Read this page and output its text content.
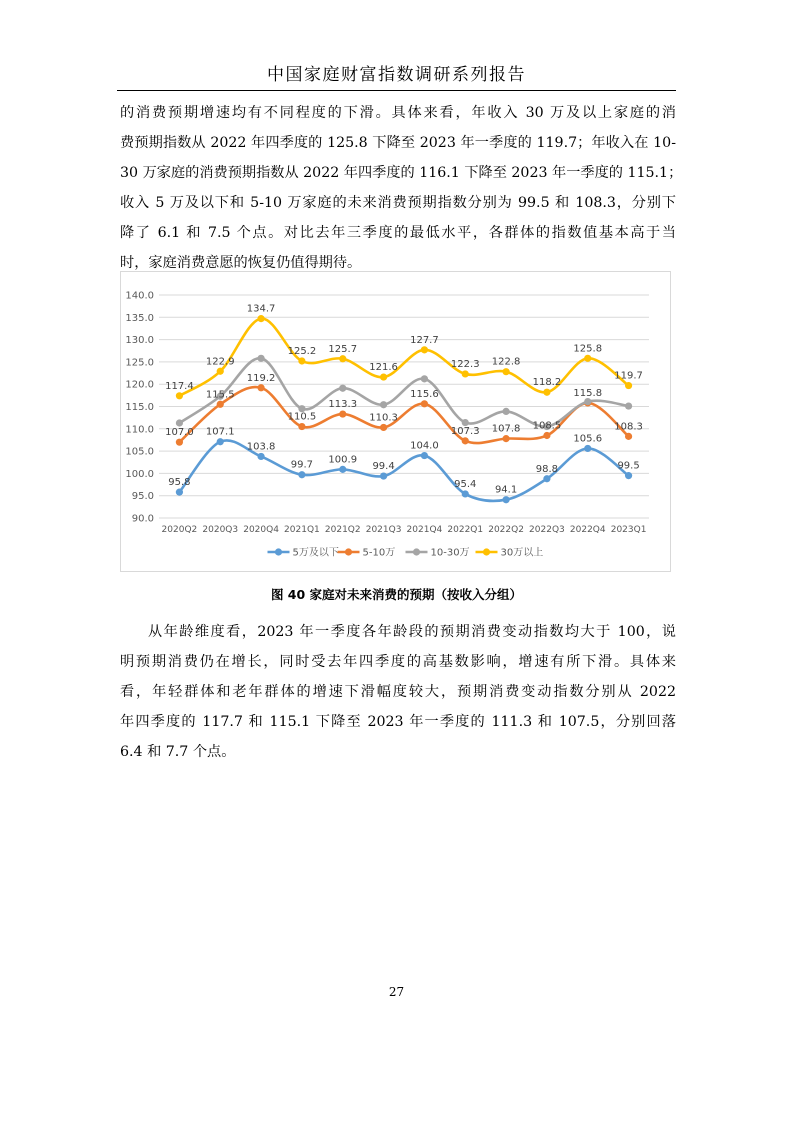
中国家庭财富指数调研系列报告
的消费预期增速均有不同程度的下滑。具体来看，年收入 30 万及以上家庭的消
费预期指数从 2022 年四季度的 125.8 下降至 2023 年一季度的 119.7；年收入在 10-
30 万家庭的消费预期指数从 2022 年四季度的 116.1 下降至 2023 年一季度的 115.1；
收入 5 万及以下和 5-10 万家庭的未来消费预期指数分别为 99.5 和 108.3，分别下
降了 6.1 和 7.5 个点。对比去年三季度的最低水平，各群体的指数值基本高于当
时，家庭消费意愿的恢复仍值得期待。
90.0
95.0
100.0
105.0
110.0
115.0
120.0
125.0
130.0
135.0
140.0
2020Q2 2020Q3 2020Q4 2021Q1 2021Q2 2021Q3 2021Q4 2022Q1 2022Q2 2022Q3 2022Q4 2023Q1
95.8
107.1
103.8
99.7 100.9
99.4
104.0
95.4
94.1
98.8
105.6
99.5
107.0
115.5
119.2
110.5
113.3
110.3
115.6
107.3 107.8 108.5
115.8
108.3
117.4
122.9
134.7
125.2 125.7
121.6
127.7
122.3 122.8
118.2
125.8
119.7
5万及以下 5-10万	10-30万	30万以上
图 40 家庭对未来消费的预期（按收入分组）
从年龄维度看，2023 年一季度各年龄段的预期消费变动指数均大于 100，说
明预期消费仍在增长，同时受去年四季度的高基数影响，增速有所下滑。具体来
看，年轻群体和老年群体的增速下滑幅度较大，预期消费变动指数分别从 2022
年四季度的 117.7 和 115.1 下降至 2023 年一季度的 111.3 和 107.5，分别回落
6.4 和 7.7 个点。
27
